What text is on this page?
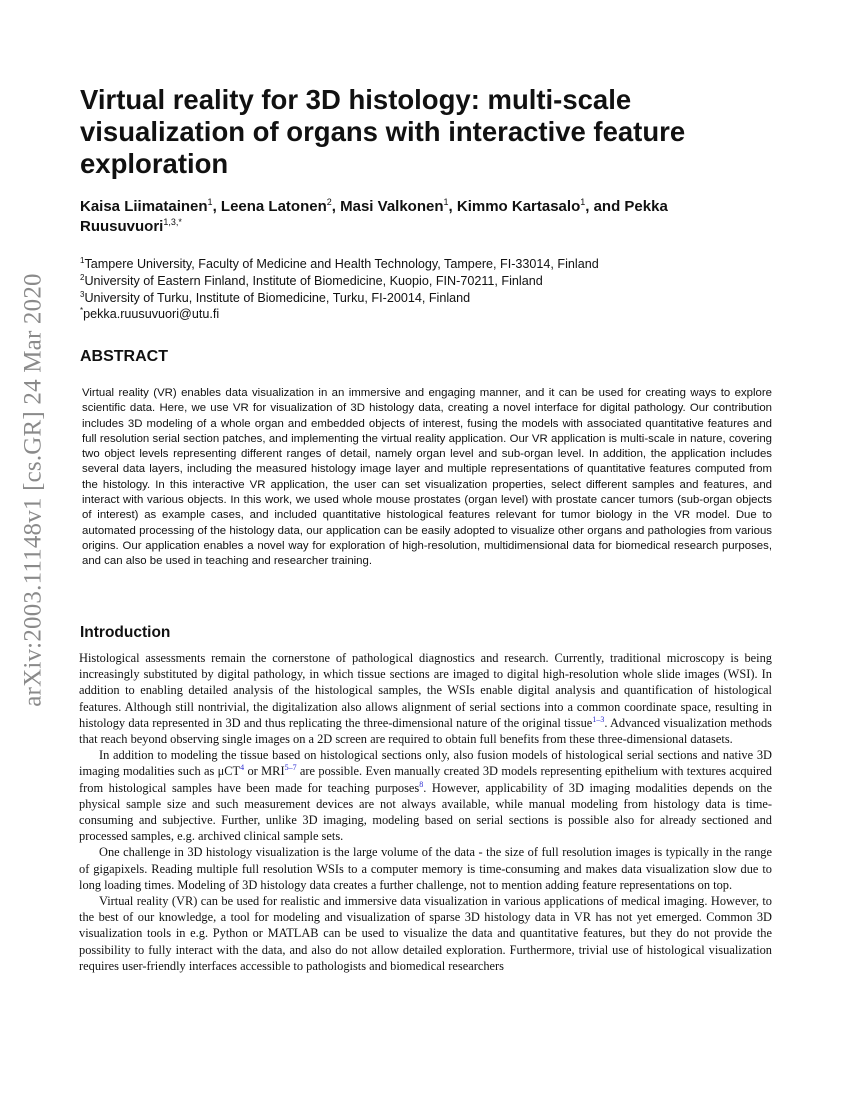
arXiv:2003.11148v1 [cs.GR] 24 Mar 2020
Virtual reality for 3D histology: multi-scale visualization of organs with interactive feature exploration
Kaisa Liimatainen$^1$, Leena Latonen$^2$, Masi Valkonen$^1$, Kimmo Kartasalo$^1$, and Pekka Ruusuvuori$^{1,3,*}$
$^1$Tampere University, Faculty of Medicine and Health Technology, Tampere, FI-33014, Finland
$^2$University of Eastern Finland, Institute of Biomedicine, Kuopio, FIN-70211, Finland
$^3$University of Turku, Institute of Biomedicine, Turku, FI-20014, Finland
*pekka.ruusuvuori@utu.fi
ABSTRACT
Virtual reality (VR) enables data visualization in an immersive and engaging manner, and it can be used for creating ways to explore scientific data. Here, we use VR for visualization of 3D histology data, creating a novel interface for digital pathology. Our contribution includes 3D modeling of a whole organ and embedded objects of interest, fusing the models with associated quantitative features and full resolution serial section patches, and implementing the virtual reality application. Our VR application is multi-scale in nature, covering two object levels representing different ranges of detail, namely organ level and sub-organ level. In addition, the application includes several data layers, including the measured histology image layer and multiple representations of quantitative features computed from the histology. In this interactive VR application, the user can set visualization properties, select different samples and features, and interact with various objects. In this work, we used whole mouse prostates (organ level) with prostate cancer tumors (sub-organ objects of interest) as example cases, and included quantitative histological features relevant for tumor biology in the VR model. Due to automated processing of the histology data, our application can be easily adopted to visualize other organs and pathologies from various origins. Our application enables a novel way for exploration of high-resolution, multidimensional data for biomedical research purposes, and can also be used in teaching and researcher training.
Introduction

Histological assessments remain the cornerstone of pathological diagnostics and research. Currently, traditional microscopy is being increasingly substituted by digital pathology, in which tissue sections are imaged to digital high-resolution whole slide images (WSI). In addition to enabling detailed analysis of the histological samples, the WSIs enable digital analysis and quantification of histological features. Although still nontrivial, the digitalization also allows alignment of serial sections into a common coordinate space, resulting in histology data represented in 3D and thus replicating the three-dimensional nature of the original tissue$^{1-3}$. Advanced visualization methods that reach beyond observing single images on a 2D screen are required to obtain full benefits from these three-dimensional datasets.

In addition to modeling the tissue based on histological sections only, also fusion models of histological serial sections and native 3D imaging modalities such as μCT$^4$ or MRI$^{5-7}$ are possible. Even manually created 3D models representing epithelium with textures acquired from histological samples have been made for teaching purposes$^8$. However, applicability of 3D imaging modalities depends on the physical sample size and such measurement devices are not always available, while manual modeling from histology data is time-consuming and subjective. Further, unlike 3D imaging, modeling based on serial sections is possible also for already sectioned and processed samples, e.g. archived clinical sample sets.

One challenge in 3D histology visualization is the large volume of the data - the size of full resolution images is typically in the range of gigapixels. Reading multiple full resolution WSIs to a computer memory is time-consuming and makes data visualization slow due to long loading times. Modeling of 3D histology data creates a further challenge, not to mention adding feature representations on top.

Virtual reality (VR) can be used for realistic and immersive data visualization in various applications of medical imaging. However, to the best of our knowledge, a tool for modeling and visualization of sparse 3D histology data in VR has not yet emerged. Common 3D visualization tools in e.g. Python or MATLAB can be used to visualize the data and quantitative features, but they do not provide the possibility to fully interact with the data, and also do not allow detailed exploration. Furthermore, trivial use of histological visualization requires user-friendly interfaces accessible to pathologists and biomedical researchers
